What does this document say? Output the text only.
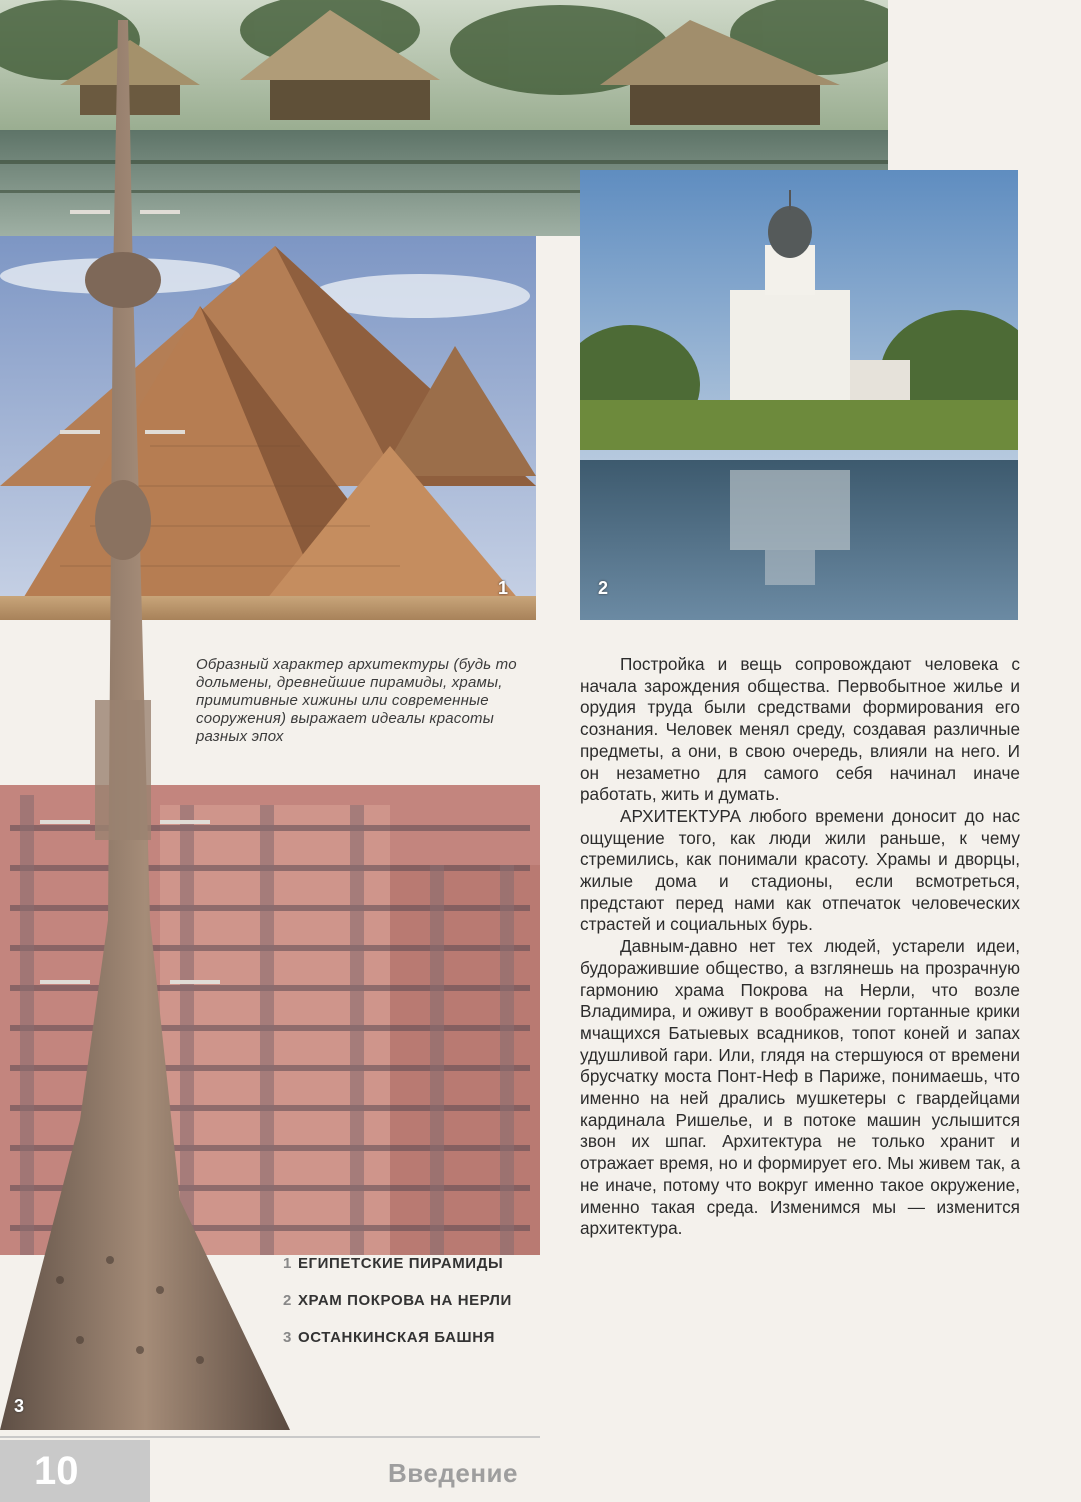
1	2
3
Образный характер архитектуры (будь то дольмены, древнейшие пирамиды, храмы, примитивные хижины или современные сооружения) выражает идеалы красоты разных эпох

Постройка и вещь сопровождают человека с начала зарождения общества. Первобытное жилье и орудия труда были средствами формирования его сознания. Человек менял среду, создавая различные предметы, а они, в свою очередь, влияли на него. И он незаметно для самого себя начинал иначе работать, жить и думать.

АРХИТЕКТУРА любого времени доносит до нас ощущение того, как люди жили раньше, к чему стремились, как понимали красоту. Храмы и дворцы, жилые дома и стадионы, если всмотреться, предстают перед нами как отпечаток человеческих страстей и социальных бурь.

Давным-давно нет тех людей, устарели идеи, будоражившие общество, а взглянешь на прозрачную гармонию храма Покрова на Нерли, что возле Владимира, и оживут в воображении гортанные крики мчащихся Батыевых всадников, топот коней и запах удушливой гари. Или, глядя на стершуюся от времени брусчатку моста Понт-Неф в Париже, понимаешь, что именно на ней дрались мушкетеры с гвардейцами кардинала Ришелье, и в потоке машин услышится звон их шпаг. Архитектура не только хранит и отражает время, но и формирует его. Мы живем так, а не иначе, потому что вокруг именно такое окружение, именно такая среда. Изменимся мы — изменится архитектура.

1 ЕГИПЕТСКИЕ ПИРАМИДЫ
2 ХРАМ ПОКРОВА НА НЕРЛИ
3 ОСТАНКИНСКАЯ БАШНЯ
10	Введение
